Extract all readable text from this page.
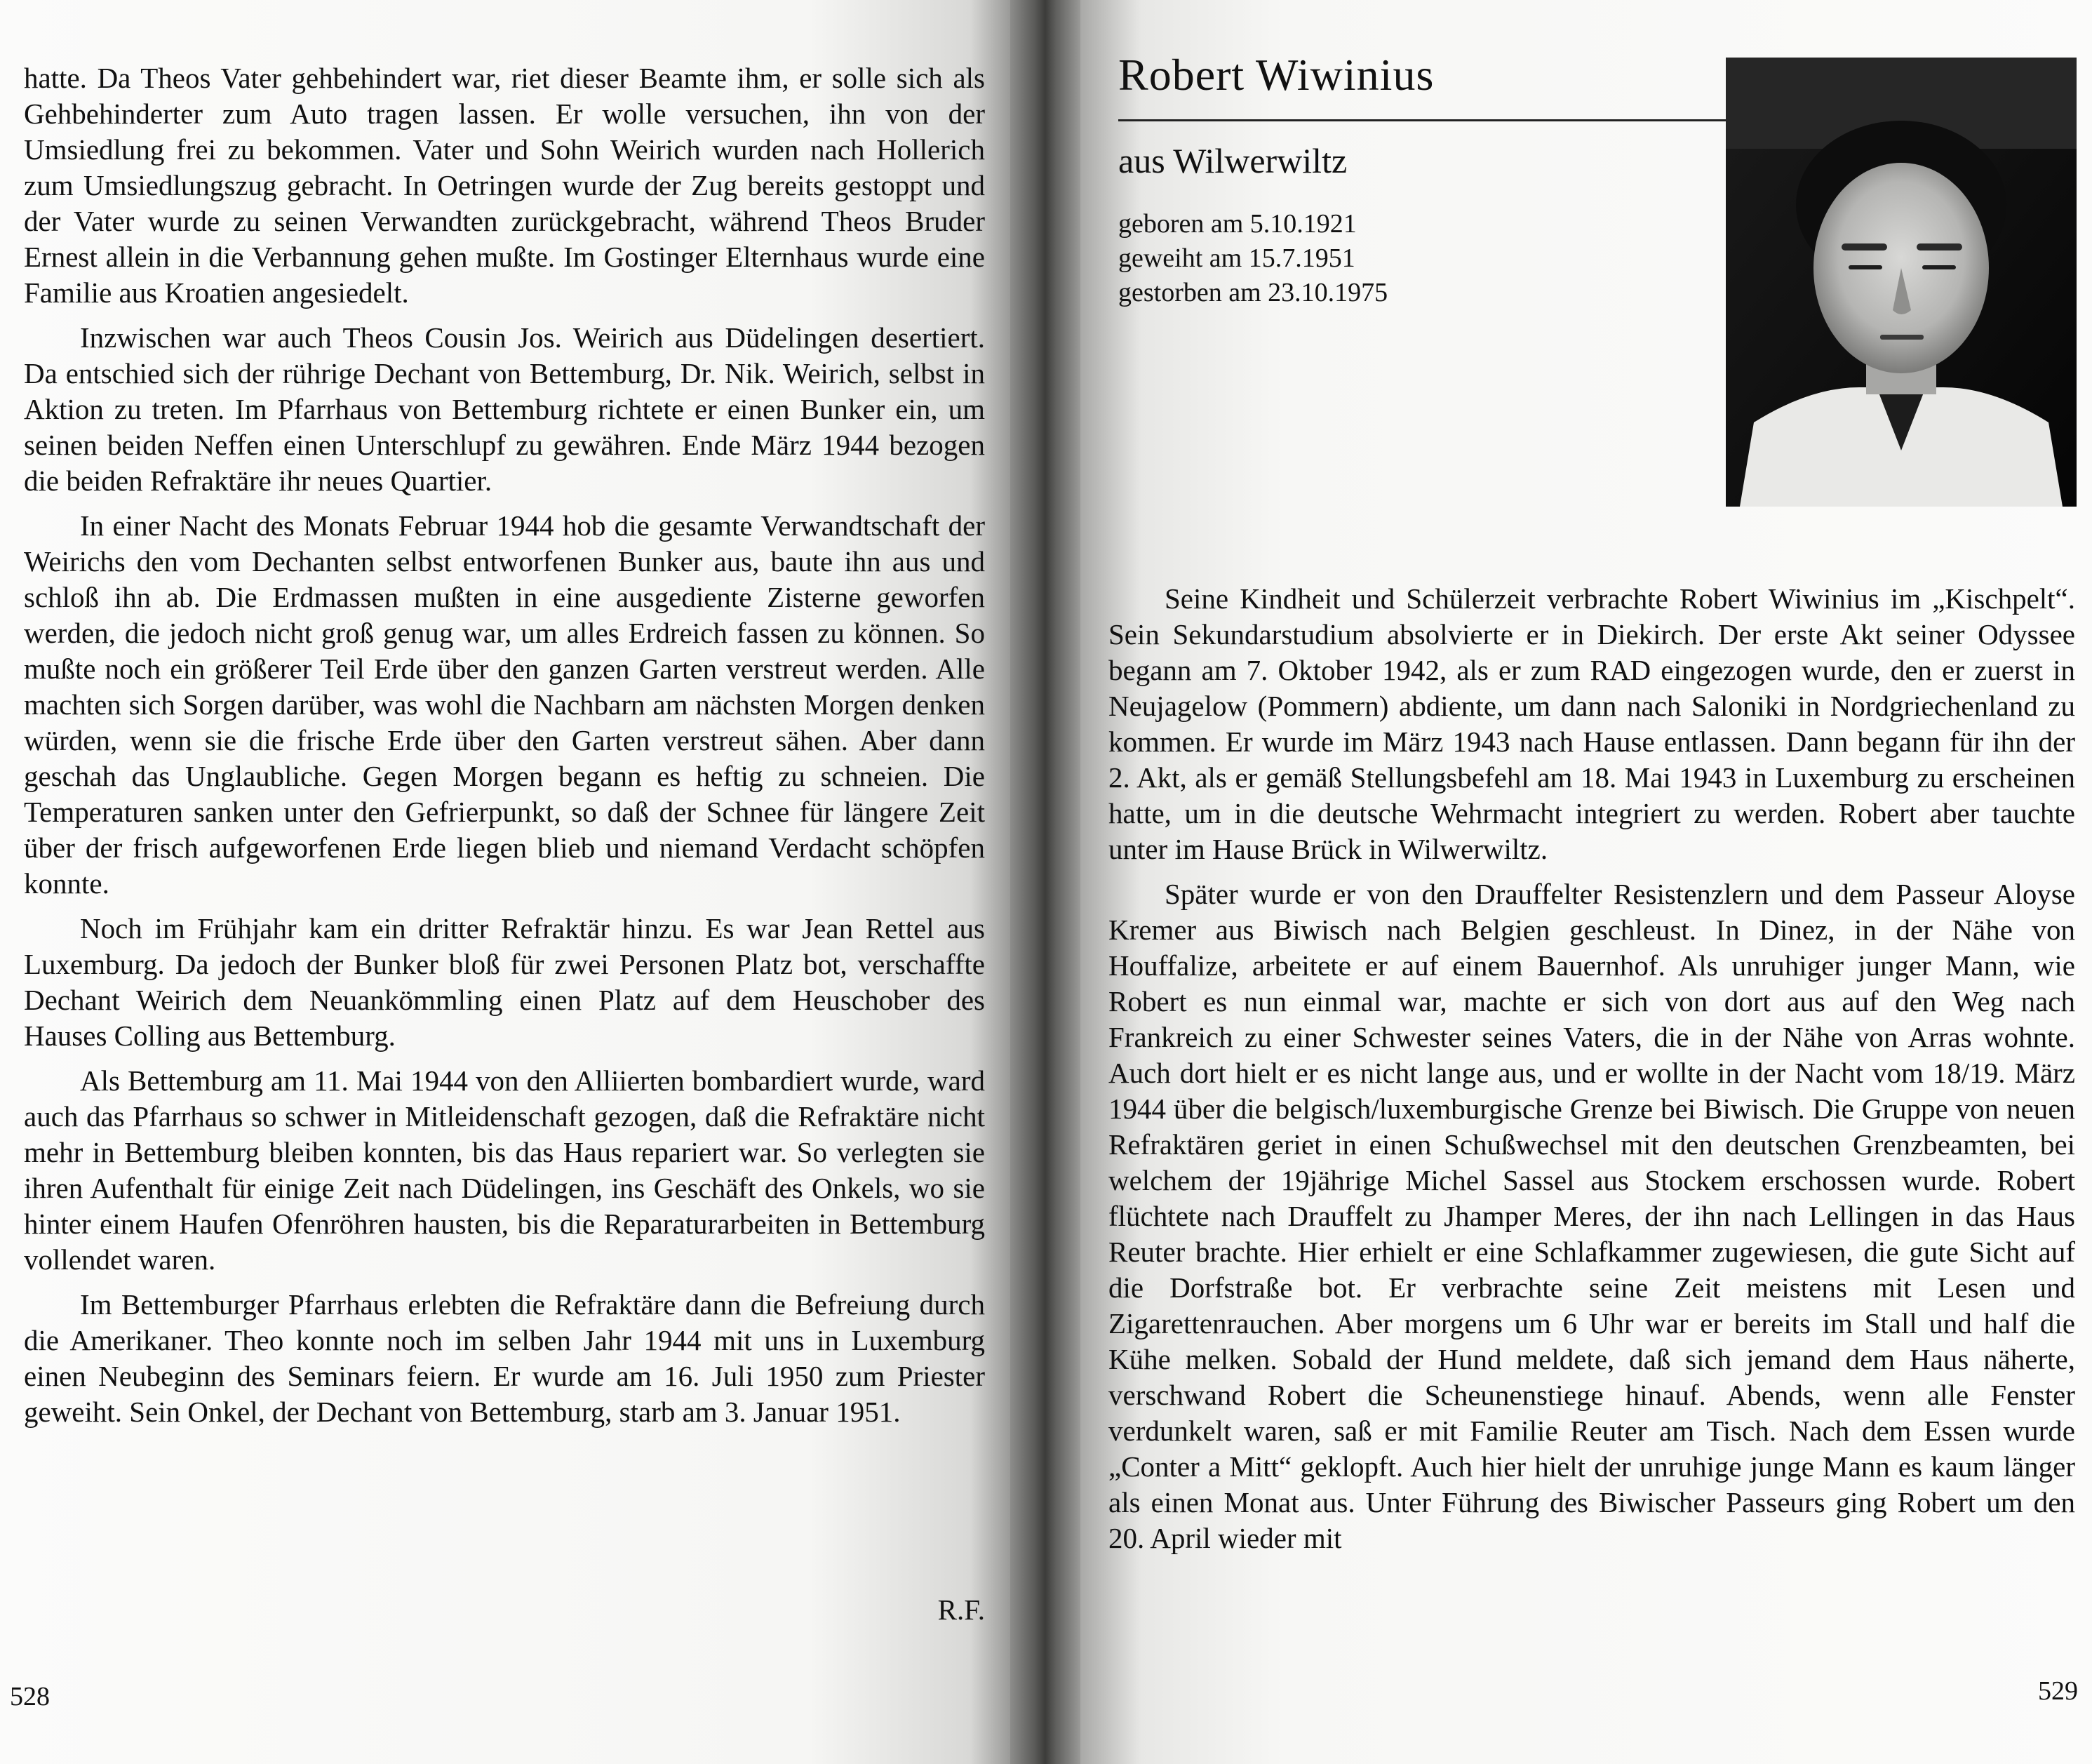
hatte. Da Theos Vater gehbehindert war, riet dieser Beamte ihm, er solle sich als Gehbehinderter zum Auto tragen lassen. Er wolle versuchen, ihn von der Umsiedlung frei zu bekommen. Vater und Sohn Weirich wurden nach Hollerich zum Umsiedlungszug gebracht. In Oetringen wurde der Zug bereits gestoppt und der Vater wurde zu seinen Verwandten zurückgebracht, während Theos Bruder Ernest allein in die Verbannung gehen mußte. Im Gostinger Elternhaus wurde eine Familie aus Kroatien angesiedelt.

Inzwischen war auch Theos Cousin Jos. Weirich aus Düdelingen desertiert. Da entschied sich der rührige Dechant von Bettemburg, Dr. Nik. Weirich, selbst in Aktion zu treten. Im Pfarrhaus von Bettemburg richtete er einen Bunker ein, um seinen beiden Neffen einen Unterschlupf zu gewähren. Ende März 1944 bezogen die beiden Refraktäre ihr neues Quartier.

In einer Nacht des Monats Februar 1944 hob die gesamte Verwandtschaft der Weirichs den vom Dechanten selbst entworfenen Bunker aus, baute ihn aus und schloß ihn ab. Die Erdmassen mußten in eine ausgediente Zisterne geworfen werden, die jedoch nicht groß genug war, um alles Erdreich fassen zu können. So mußte noch ein größerer Teil Erde über den ganzen Garten verstreut werden. Alle machten sich Sorgen darüber, was wohl die Nachbarn am nächsten Morgen denken würden, wenn sie die frische Erde über den Garten verstreut sähen. Aber dann geschah das Unglaubliche. Gegen Morgen begann es heftig zu schneien. Die Temperaturen sanken unter den Gefrierpunkt, so daß der Schnee für längere Zeit über der frisch aufgeworfenen Erde liegen blieb und niemand Verdacht schöpfen konnte.

Noch im Frühjahr kam ein dritter Refraktär hinzu. Es war Jean Rettel aus Luxemburg. Da jedoch der Bunker bloß für zwei Personen Platz bot, verschaffte Dechant Weirich dem Neuankömmling einen Platz auf dem Heuschober des Hauses Colling aus Bettemburg.

Als Bettemburg am 11. Mai 1944 von den Alliierten bombardiert wurde, ward auch das Pfarrhaus so schwer in Mitleidenschaft gezogen, daß die Refraktäre nicht mehr in Bettemburg bleiben konnten, bis das Haus repariert war. So verlegten sie ihren Aufenthalt für einige Zeit nach Düdelingen, ins Geschäft des Onkels, wo sie hinter einem Haufen Ofenröhren hausten, bis die Reparaturarbeiten in Bettemburg vollendet waren.

Im Bettemburger Pfarrhaus erlebten die Refraktäre dann die Befreiung durch die Amerikaner. Theo konnte noch im selben Jahr 1944 mit uns in Luxemburg einen Neubeginn des Seminars feiern. Er wurde am 16. Juli 1950 zum Priester geweiht. Sein Onkel, der Dechant von Bettemburg, starb am 3. Januar 1951.

R.F.
528
Robert Wiwinius
aus Wilwerwiltz
geboren am 5.10.1921
geweiht am 15.7.1951
gestorben am 23.10.1975

Seine Kindheit und Schülerzeit verbrachte Robert Wiwinius im „Kischpelt“. Sein Sekundarstudium absolvierte er in Diekirch. Der erste Akt seiner Odyssee begann am 7. Oktober 1942, als er zum RAD eingezogen wurde, den er zuerst in Neujagelow (Pommern) abdiente, um dann nach Saloniki in Nordgriechenland zu kommen. Er wurde im März 1943 nach Hause entlassen. Dann begann für ihn der 2. Akt, als er gemäß Stellungsbefehl am 18. Mai 1943 in Luxemburg zu erscheinen hatte, um in die deutsche Wehrmacht integriert zu werden. Robert aber tauchte unter im Hause Brück in Wilwerwiltz.

Später wurde er von den Drauffelter Resistenzlern und dem Passeur Aloyse Kremer aus Biwisch nach Belgien geschleust. In Dinez, in der Nähe von Houffalize, arbeitete er auf einem Bauernhof. Als unruhiger junger Mann, wie Robert es nun einmal war, machte er sich von dort aus auf den Weg nach Frankreich zu einer Schwester seines Vaters, die in der Nähe von Arras wohnte. Auch dort hielt er es nicht lange aus, und er wollte in der Nacht vom 18/19. März 1944 über die belgisch/luxemburgische Grenze bei Biwisch. Die Gruppe von neuen Refraktären geriet in einen Schußwechsel mit den deutschen Grenzbeamten, bei welchem der 19jährige Michel Sassel aus Stockem erschossen wurde. Robert flüchtete nach Drauffelt zu Jhamper Meres, der ihn nach Lellingen in das Haus Reuter brachte. Hier erhielt er eine Schlafkammer zugewiesen, die gute Sicht auf die Dorfstraße bot. Er verbrachte seine Zeit meistens mit Lesen und Zigarettenrauchen. Aber morgens um 6 Uhr war er bereits im Stall und half die Kühe melken. Sobald der Hund meldete, daß sich jemand dem Haus näherte, verschwand Robert die Scheunenstiege hinauf. Abends, wenn alle Fenster verdunkelt waren, saß er mit Familie Reuter am Tisch. Nach dem Essen wurde „Conter a Mitt“ geklopft. Auch hier hielt der unruhige junge Mann es kaum länger als einen Monat aus. Unter Führung des Biwischer Passeurs ging Robert um den 20. April wieder mit

529
